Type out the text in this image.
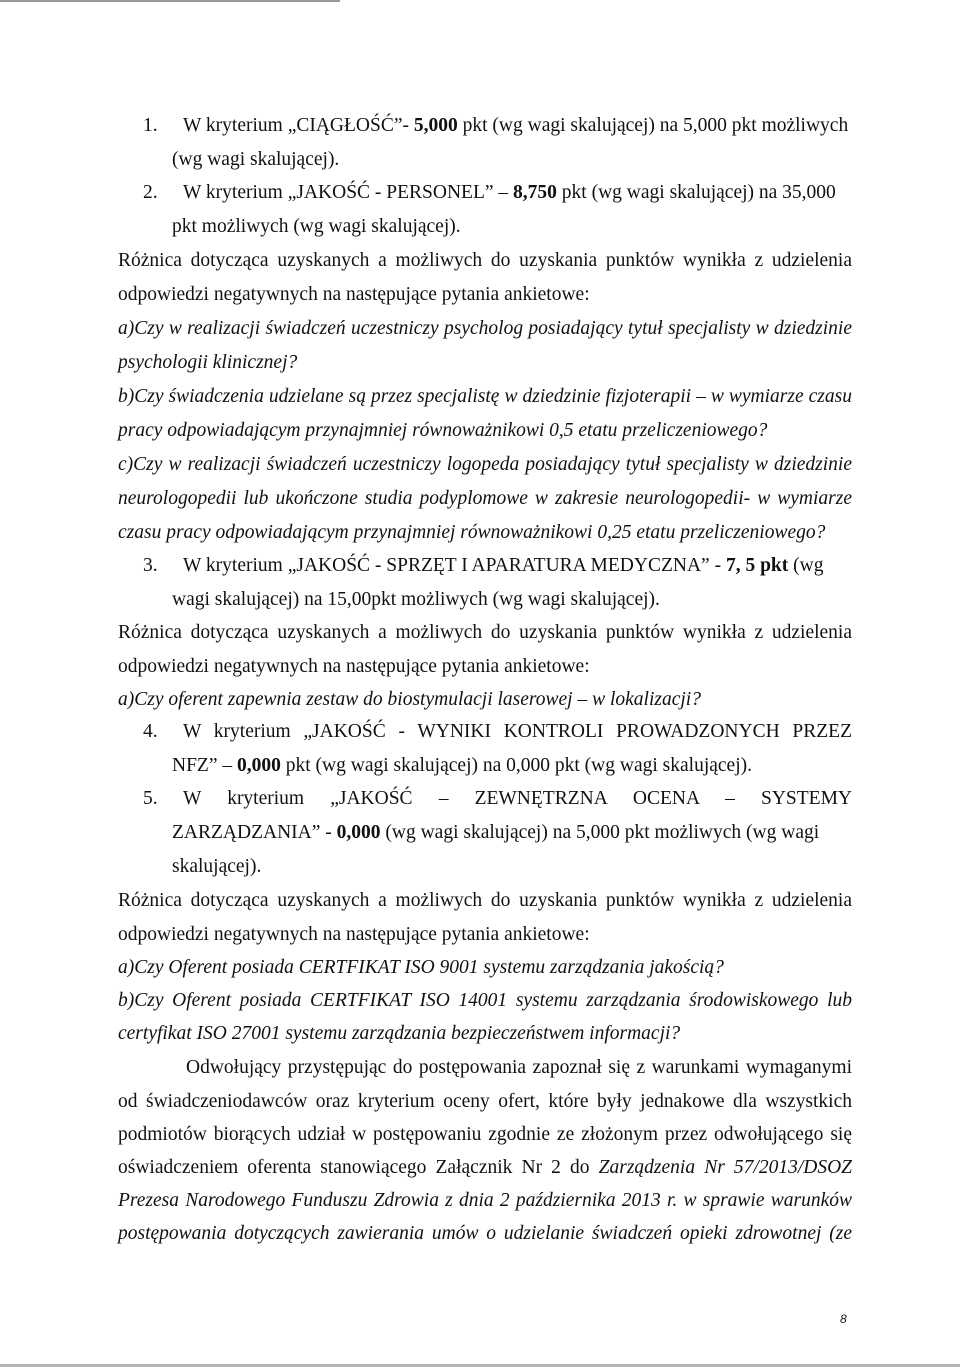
1. W kryterium „CIĄGŁOŚĆ”- 5,000 pkt (wg wagi skalującej) na 5,000 pkt możliwych
(wg wagi skalującej).
2. W kryterium „JAKOŚĆ - PERSONEL” – 8,750 pkt (wg wagi skalującej) na 35,000
pkt możliwych (wg wagi skalującej).
Różnica dotycząca uzyskanych a możliwych do uzyskania punktów wynikła z udzielenia
odpowiedzi negatywnych na następujące pytania ankietowe:
a)Czy w realizacji świadczeń uczestniczy psycholog posiadający tytuł specjalisty w dziedzinie
psychologii klinicznej?
b)Czy świadczenia udzielane są przez specjalistę w dziedzinie fizjoterapii – w wymiarze czasu
pracy odpowiadającym przynajmniej równoważnikowi 0,5 etatu przeliczeniowego?
c)Czy w realizacji świadczeń uczestniczy logopeda posiadający tytuł specjalisty w dziedzinie
neurologopedii lub ukończone studia podyplomowe w zakresie neurologopedii- w wymiarze
czasu pracy odpowiadającym przynajmniej równoważnikowi 0,25 etatu przeliczeniowego?
3. W kryterium „JAKOŚĆ - SPRZĘT I APARATURA MEDYCZNA” - 7, 5 pkt (wg
wagi skalującej) na 15,00pkt możliwych (wg wagi skalującej).
Różnica dotycząca uzyskanych a możliwych do uzyskania punktów wynikła z udzielenia
odpowiedzi negatywnych na następujące pytania ankietowe:
a)Czy oferent zapewnia zestaw do biostymulacji laserowej – w lokalizacji?
4. W kryterium „JAKOŚĆ - WYNIKI KONTROLI PROWADZONYCH PRZEZ
NFZ” – 0,000 pkt (wg wagi skalującej) na 0,000 pkt (wg wagi skalującej).
5. W kryterium „JAKOŚĆ – ZEWNĘTRZNA OCENA – SYSTEMY
ZARZĄDZANIA” - 0,000 (wg wagi skalującej) na 5,000 pkt możliwych (wg wagi
skalującej).
Różnica dotycząca uzyskanych a możliwych do uzyskania punktów wynikła z udzielenia
odpowiedzi negatywnych na następujące pytania ankietowe:
a)Czy Oferent posiada CERTFIKAT ISO 9001 systemu zarządzania jakością?
b)Czy Oferent posiada CERTFIKAT ISO 14001 systemu zarządzania środowiskowego lub
certyfikat ISO 27001 systemu zarządzania bezpieczeństwem informacji?
Odwołujący przystępując do postępowania zapoznał się z warunkami wymaganymi
od świadczeniodawców oraz kryterium oceny ofert, które były jednakowe dla wszystkich
podmiotów biorących udział w postępowaniu zgodnie ze złożonym przez odwołującego się
oświadczeniem oferenta stanowiącego Załącznik Nr 2 do Zarządzenia Nr 57/2013/DSOZ
Prezesa Narodowego Funduszu Zdrowia z dnia 2 października 2013 r. w sprawie warunków
postępowania dotyczących zawierania umów o udzielanie świadczeń opieki zdrowotnej (ze
8
